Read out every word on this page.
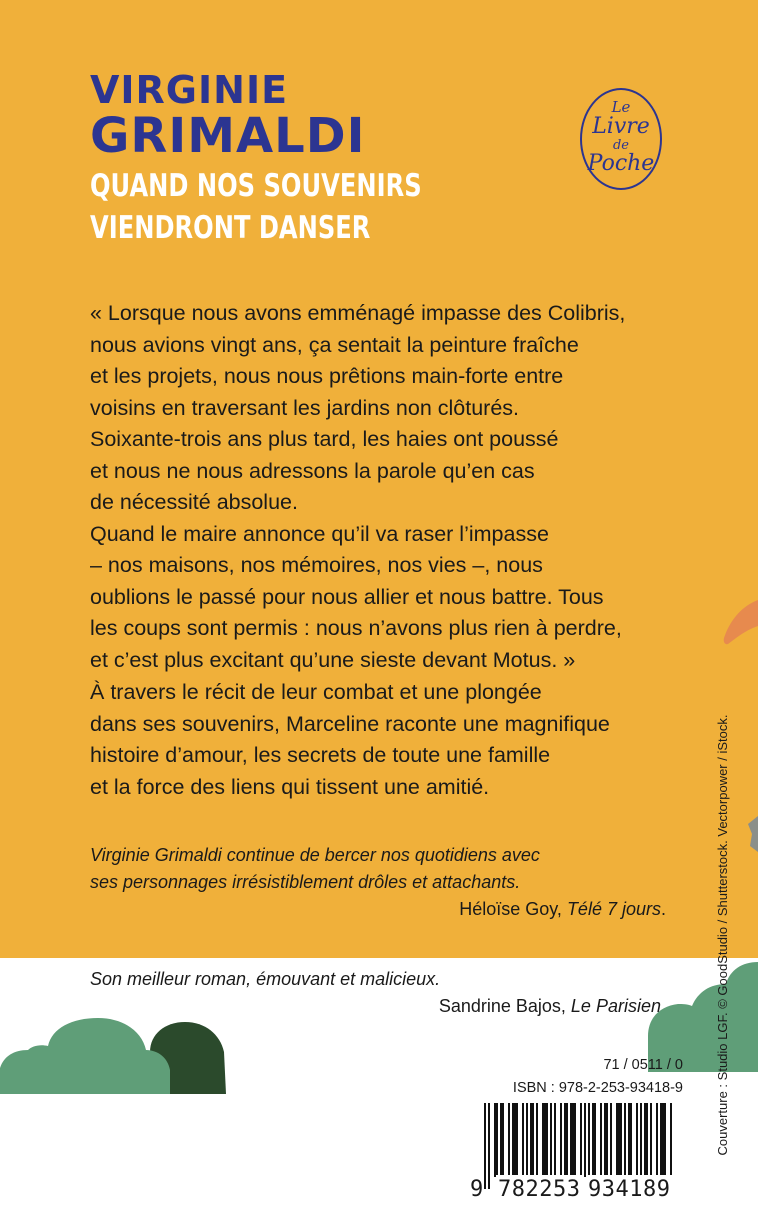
VIRGINIE
GRIMALDI
QUAND NOS SOUVENIRS
VIENDRONT DANSER
Le
Livre
de
Poche
« Lorsque nous avons emménagé impasse des Colibris,
nous avions vingt ans, ça sentait la peinture fraîche
et les projets, nous nous prêtions main-forte entre
voisins en traversant les jardins non clôturés.
Soixante-trois ans plus tard, les haies ont poussé
et nous ne nous adressons la parole qu’en cas
de nécessité absolue.
Quand le maire annonce qu’il va raser l’impasse
– nos maisons, nos mémoires, nos vies –, nous
oublions le passé pour nous allier et nous battre. Tous
les coups sont permis : nous n’avons plus rien à perdre,
et c’est plus excitant qu’une sieste devant Motus. »
À travers le récit de leur combat et une plongée
dans ses souvenirs, Marceline raconte une magnifique
histoire d’amour, les secrets de toute une famille
et la force des liens qui tissent une amitié.
Virginie Grimaldi continue de bercer nos quotidiens avec
ses personnages irrésistiblement drôles et attachants.
Héloïse Goy, Télé 7 jours.
Son meilleur roman, émouvant et malicieux.
Sandrine Bajos, Le Parisien.	Couverture : Studio LGF. © GoodStudio / Shutterstock. Vectorpower / iStock.
71 / 0511 / 0
ISBN : 978-2-253-93418-9
9 782253 934189
